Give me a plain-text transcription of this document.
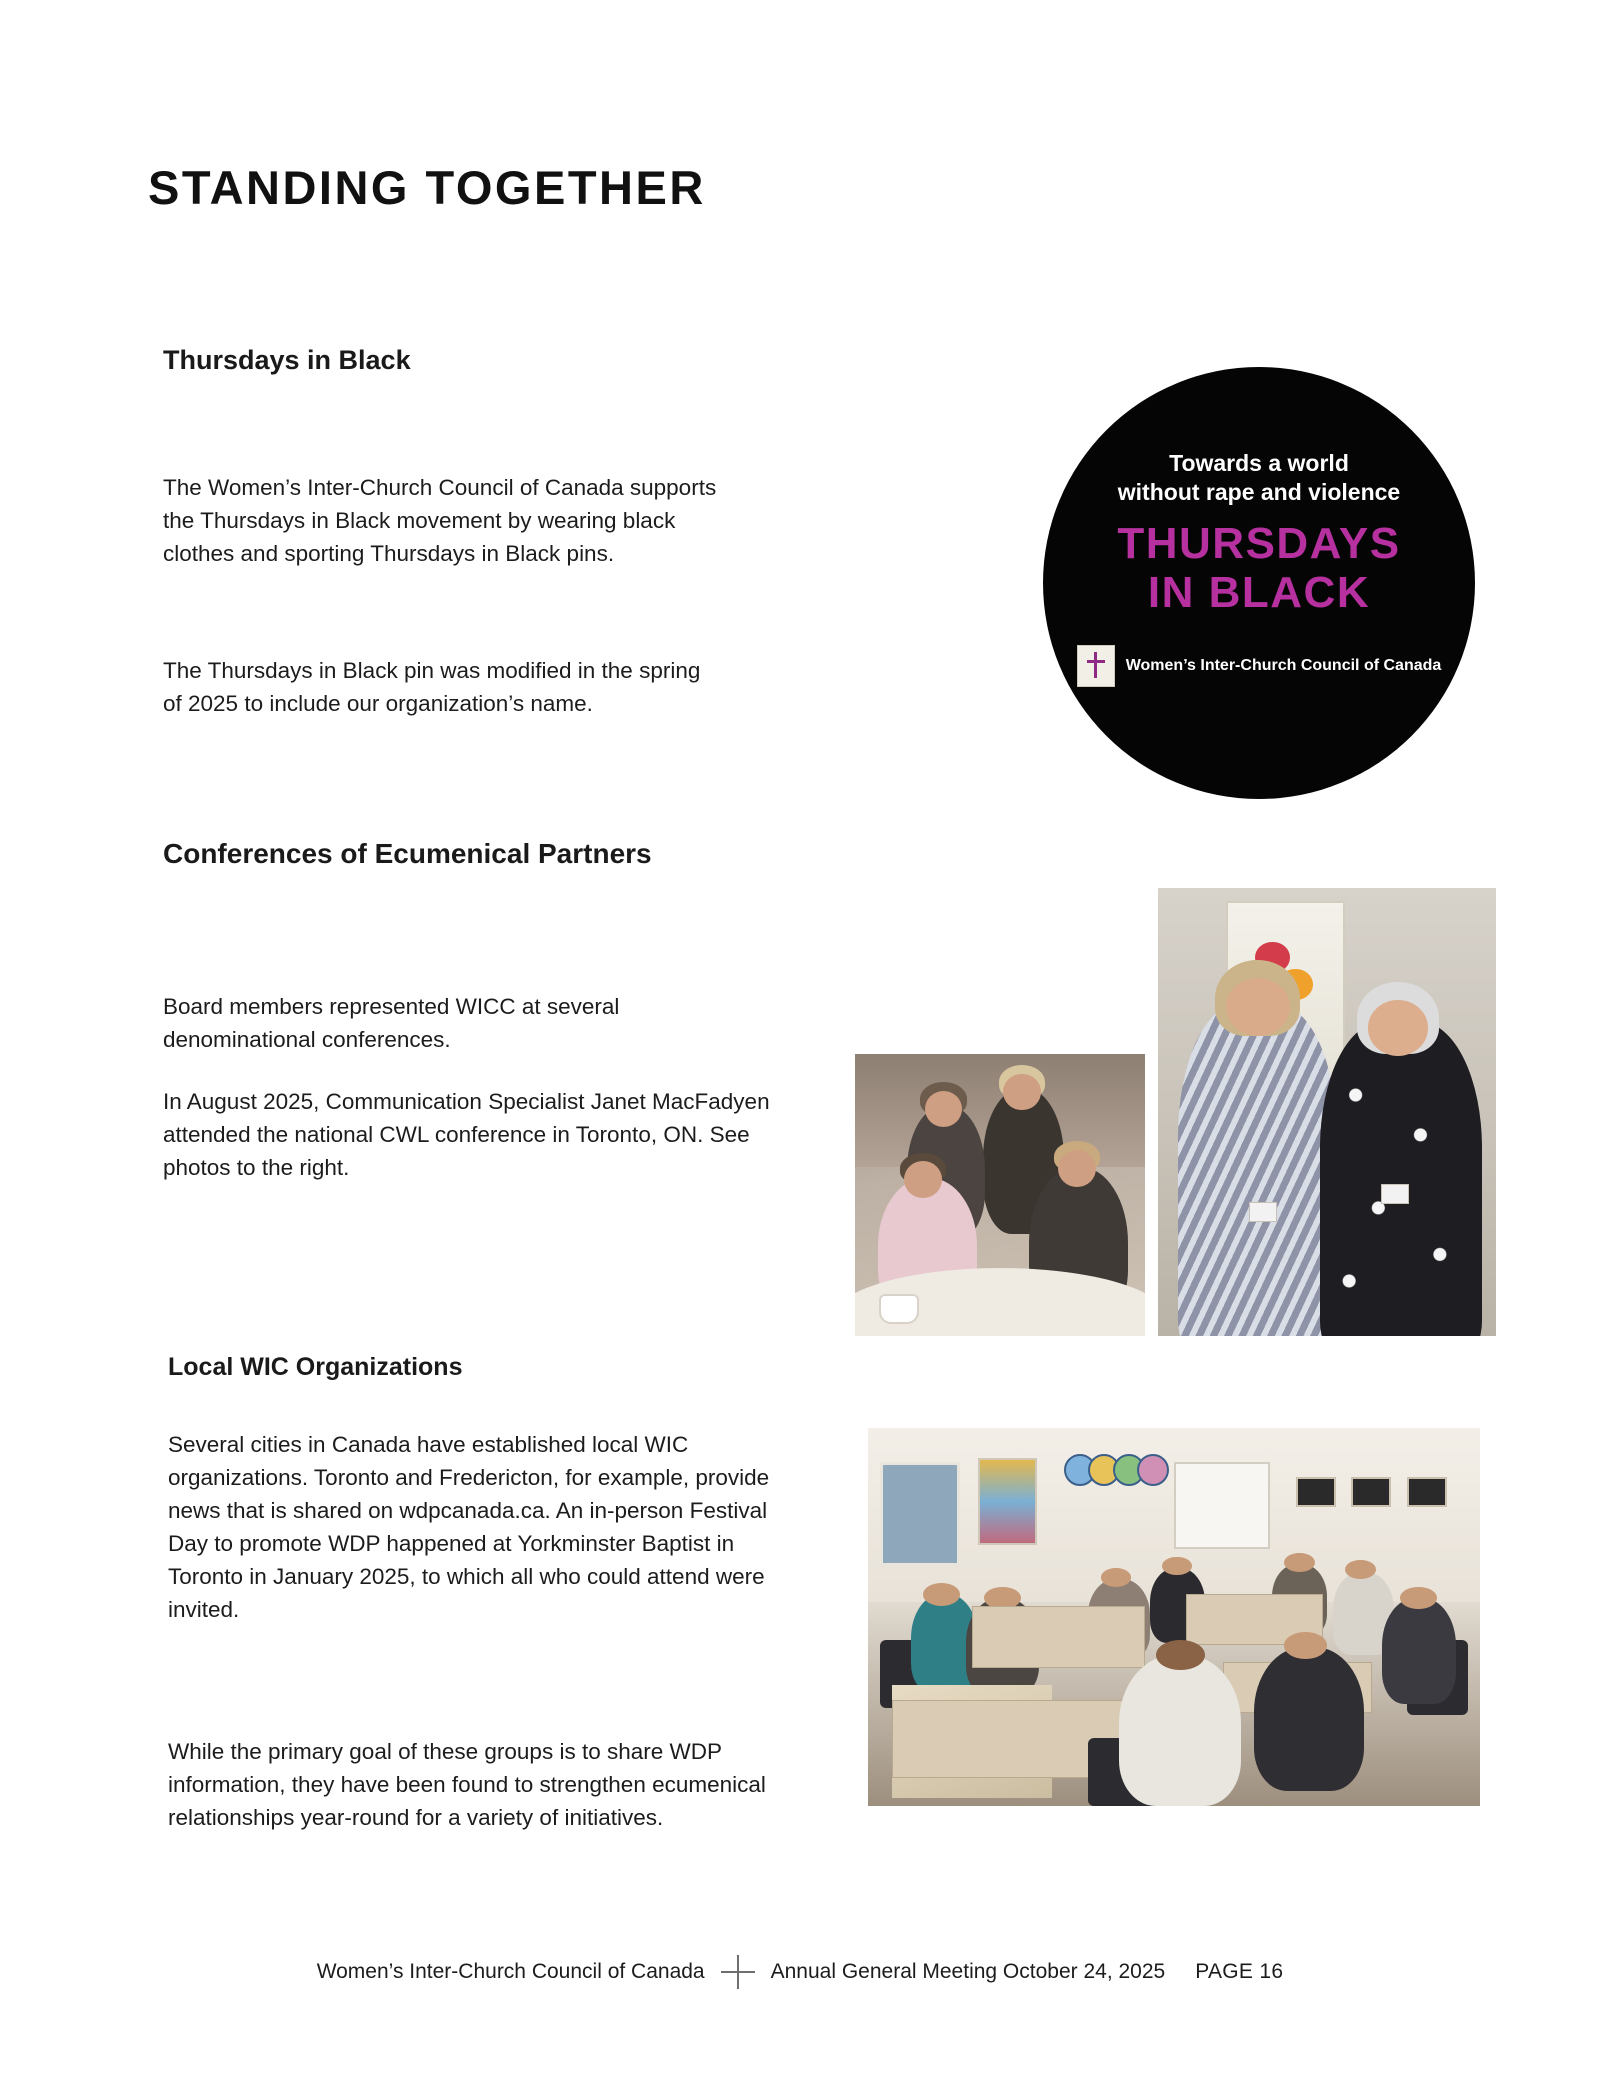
STANDING TOGETHER
Thursdays in Black

The Women’s Inter-Church Council of Canada supports the Thursdays in Black movement by wearing black clothes and sporting Thursdays in Black pins.

The Thursdays in Black pin was modified in the spring of 2025 to include our organization’s name.

Towards a world
without rape and violence
THURSDAYS
IN BLACK
Women’s Inter-Church Council of Canada
Conferences of Ecumenical Partners

Board members represented WICC at several denominational conferences.

In August 2025, Communication Specialist Janet MacFadyen attended the national CWL conference in Toronto, ON. See photos to the right.

Local WIC Organizations

Several cities in Canada have established local WIC organizations. Toronto and Fredericton, for example, provide news that is shared on wdpcanada.ca. An in-person Festival Day to promote WDP happened at Yorkminster Baptist in Toronto in January 2025, to which all who could attend were invited.

While the primary goal of these groups is to share WDP information, they have been found to strengthen ecumenical relationships year-round for a variety of initiatives.

Women’s Inter-Church Council of Canada	Annual General Meeting October 24, 2025 PAGE 16
